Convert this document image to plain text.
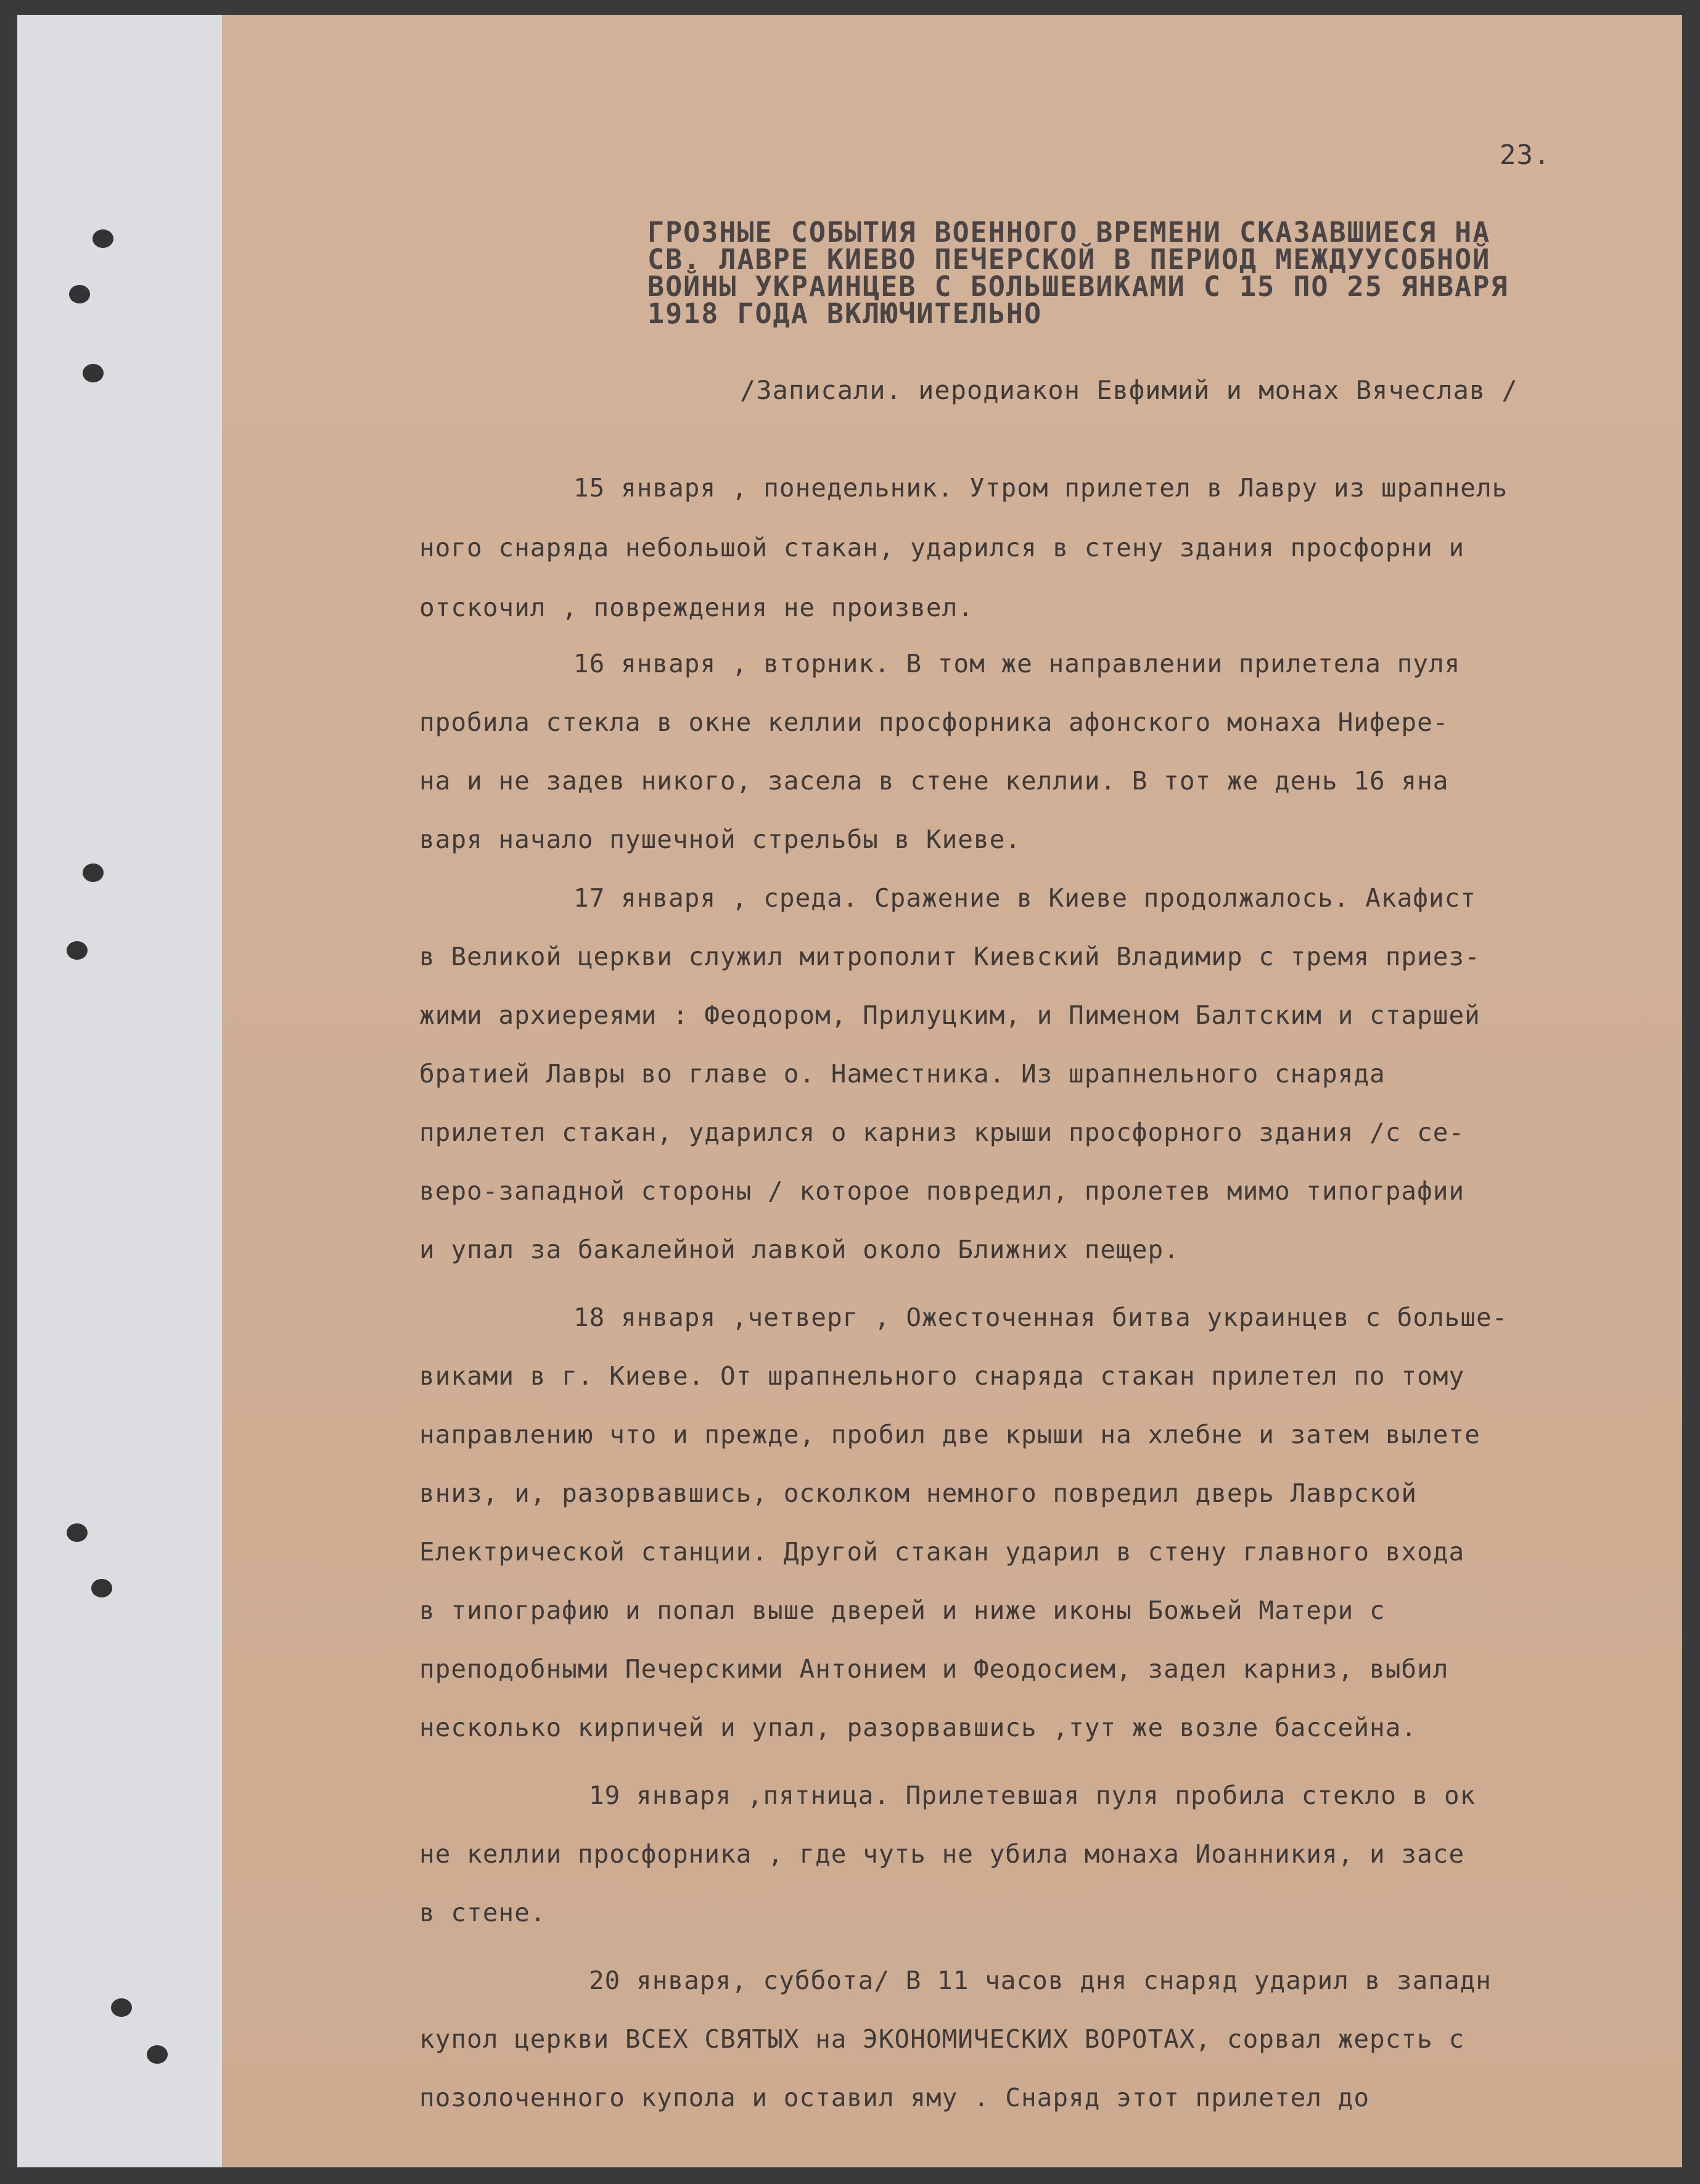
23.
ГРОЗНЫЕ СОБЫТИЯ ВОЕННОГО ВРЕМЕНИ СКАЗАВШИЕСЯ НА
СВ. ЛАВРЕ КИЕВО ПЕЧЕРСКОЙ В ПЕРИОД МЕЖДУУСОБНОЙ
ВОЙНЫ УКРАИНЦЕВ С БОЛЬШЕВИКАМИ С 15 ПО 25 ЯНВАРЯ
1918 ГОДА ВКЛЮЧИТЕЛЬНО
/Записали. иеродиакон Евфимий и монах Вячеслав /
15 января , понедельник. Утром прилетел в Лавру из шрапнель
ного снаряда небольшой стакан, ударился в стену здания просфорни и
отскочил , повреждения не произвел.
16 января , вторник. В том же направлении прилетела пуля
пробила стекла в окне келлии просфорника афонского монаха Нифере-
на и не задев никого, засела в стене келлии. В тот же день 16 яна
варя начало пушечной стрельбы в Киеве.
17 января , среда. Сражение в Киеве продолжалось. Акафист
в Великой церкви служил митрополит Киевский Владимир с тремя приез-
жими архиереями : Феодором, Прилуцким, и Пименом Балтским и старшей
братией Лавры во главе о. Наместника. Из шрапнельного снаряда
прилетел стакан, ударился о карниз крыши просфорного здания /с се-
веро-западной стороны / которое повредил, пролетев мимо типографии
и упал за бакалейной лавкой около Ближних пещер.
18 января ,четверг , Ожесточенная битва украинцев с больше-
виками в г. Киеве. От шрапнельного снаряда стакан прилетел по тому
направлению что и прежде, пробил две крыши на хлебне и затем вылете
вниз, и, разорвавшись, осколком немного повредил дверь Лаврской
Електрической станции. Другой стакан ударил в стену главного входа
в типографию и попал выше дверей и ниже иконы Божьей Матери с
преподобными Печерскими Антонием и Феодосием, задел карниз, выбил
несколько кирпичей и упал, разорвавшись ,тут же возле бассейна.
19 января ,пятница. Прилетевшая пуля пробила стекло в ок
не келлии просфорника , где чуть не убила монаха Иоанникия, и засе
в стене.
20 января, суббота/ В 11 часов дня снаряд ударил в западн
купол церкви ВСЕХ СВЯТЫХ на ЭКОНОМИЧЕСКИХ ВОРОТАХ, сорвал жерсть с
позолоченного купола и оставил яму . Снаряд этот прилетел до
